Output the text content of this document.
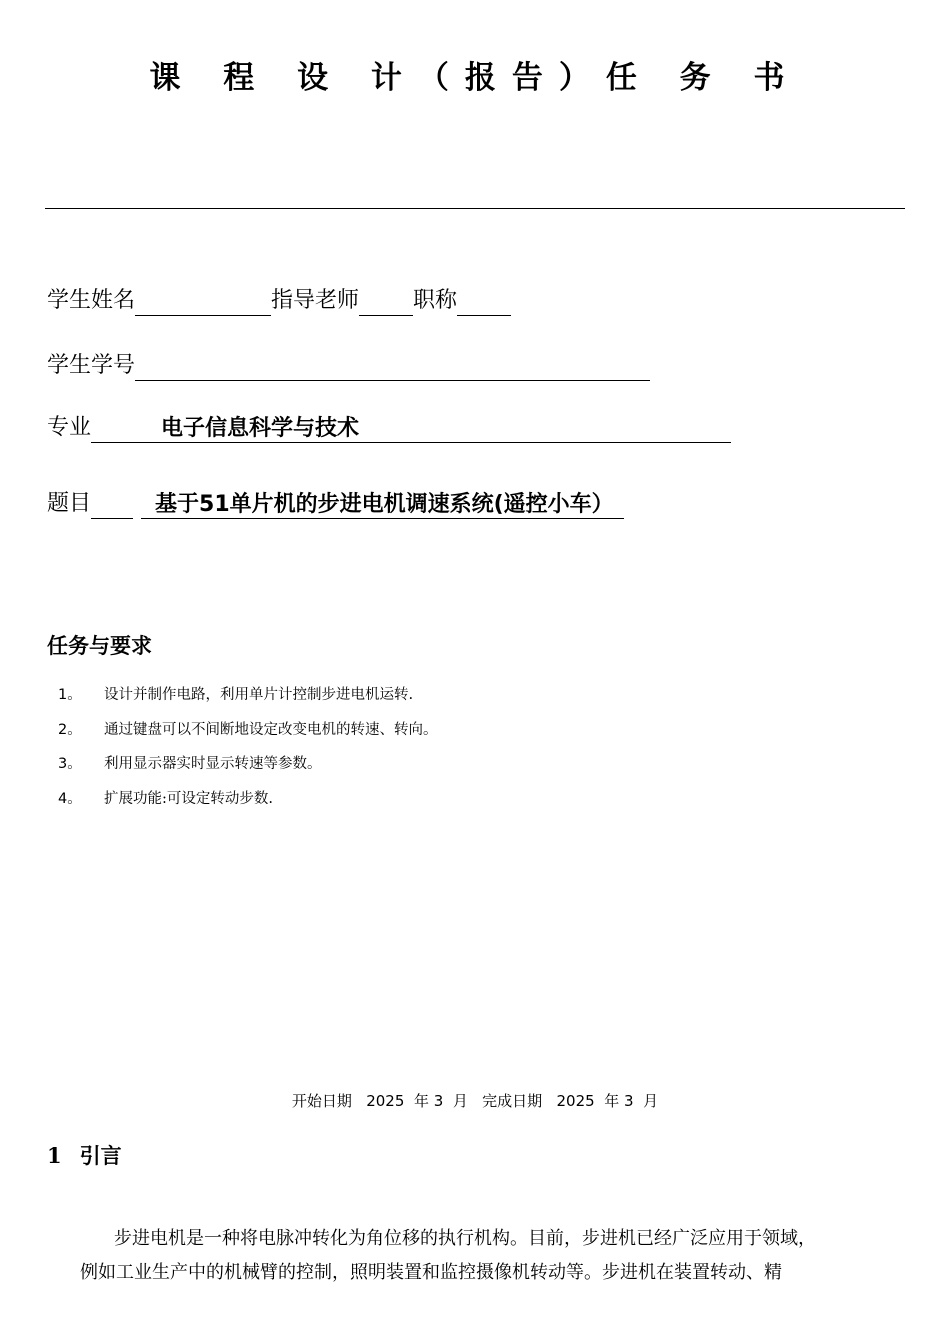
课 程 设 计（报告）任 务 书
学生姓名	指导老师 职称
学生学号
专业	电子信息科学与技术
题目	基于51单片机的步进电机调速系统(遥控小车）
任务与要求
1。	设计并制作电路，利用单片计控制步进电机运转.
2。	通过键盘可以不间断地设定改变电机的转速、转向。
3。	利用显示器实时显示转速等参数。
4。	扩展功能:可设定转动步数.
开始日期 2025 年 3 月 完成日期 2025 年 3 月
1 引言

步进电机是一种将电脉冲转化为角位移的执行机构。目前，步进机已经广泛应用于领域，
例如工业生产中的机械臂的控制，照明装置和监控摄像机转动等。步进机在装置转动、精
